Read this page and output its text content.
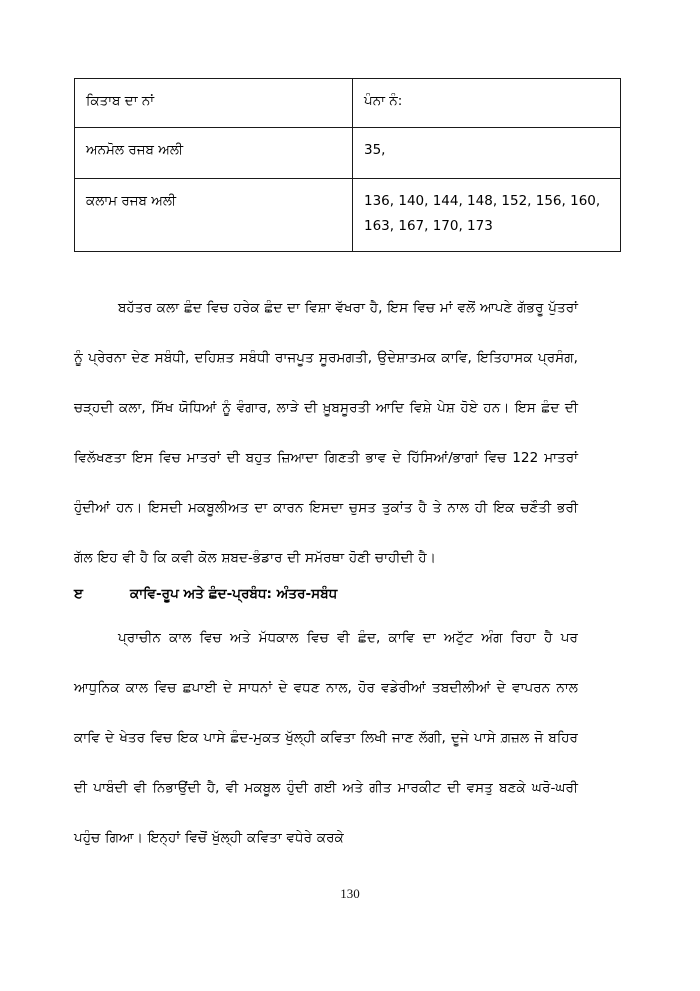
ਕਿਤਾਬ ਦਾ ਨਾਂ	ਪੰਨਾ ਨੰ:
ਅਨਮੋਲ ਰਜਬ ਅਲੀ	35,
ਕਲਾਮ ਰਜਬ ਅਲੀ	136, 140, 144, 148, 152, 156, 160, 163, 167, 170, 173

ਬਹੱਤਰ ਕਲਾ ਛੰਦ ਵਿਚ ਹਰੇਕ ਛੰਦ ਦਾ ਵਿਸ਼ਾ ਵੱਖਰਾ ਹੈ, ਇਸ ਵਿਚ ਮਾਂ ਵਲੋਂ ਆਪਣੇ ਗੱਭਰੂ ਪੁੱਤਰਾਂ ਨੂੰ ਪ੍ਰੇਰਨਾ ਦੇਣ ਸਬੰਧੀ, ਦਹਿਸ਼ਤ ਸਬੰਧੀ ਰਾਜਪੂਤ ਸੂਰਮਗਤੀ, ਉਦੇਸ਼ਾਤਮਕ ਕਾਵਿ, ਇਤਿਹਾਸਕ ਪ੍ਰਸੰਗ, ਚੜ੍ਹਦੀ ਕਲਾ, ਸਿੱਖ ਯੋਧਿਆਂ ਨੂੰ ਵੰਗਾਰ, ਲਾੜੇ ਦੀ ਖ਼ੂਬਸੂਰਤੀ ਆਦਿ ਵਿਸ਼ੇ ਪੇਸ਼ ਹੋਏ ਹਨ। ਇਸ ਛੰਦ ਦੀ ਵਿਲੱਖਣਤਾ ਇਸ ਵਿਚ ਮਾਤਰਾਂ ਦੀ ਬਹੁਤ ਜ਼ਿਆਦਾ ਗਿਣਤੀ ਭਾਵ ਦੇ ਹਿੱਸਿਆਂ/ਭਾਗਾਂ ਵਿਚ 122 ਮਾਤਰਾਂ ਹੁੰਦੀਆਂ ਹਨ। ਇਸਦੀ ਮਕਬੂਲੀਅਤ ਦਾ ਕਾਰਨ ਇਸਦਾ ਚੁਸਤ ਤੁਕਾਂਤ ਹੈ ਤੇ ਨਾਲ ਹੀ ਇਕ ਚਣੌਤੀ ਭਰੀ ਗੱਲ ਇਹ ਵੀ ਹੈ ਕਿ ਕਵੀ ਕੋਲ ਸ਼ਬਦ-ਭੰਡਾਰ ਦੀ ਸਮੱਰਥਾ ਹੋਣੀ ਚਾਹੀਦੀ ਹੈ।

ੲ	ਕਾਵਿ-ਰੂਪ ਅਤੇ ਛੰਦ-ਪ੍ਰਬੰਧ: ਅੰਤਰ-ਸਬੰਧ

ਪ੍ਰਾਚੀਨ ਕਾਲ ਵਿਚ ਅਤੇ ਮੱਧਕਾਲ ਵਿਚ ਵੀ ਛੰਦ, ਕਾਵਿ ਦਾ ਅਟੁੱਟ ਅੰਗ ਰਿਹਾ ਹੈ ਪਰ ਆਧੁਨਿਕ ਕਾਲ ਵਿਚ ਛਪਾਈ ਦੇ ਸਾਧਨਾਂ ਦੇ ਵਧਣ ਨਾਲ, ਹੋਰ ਵਡੇਰੀਆਂ ਤਬਦੀਲੀਆਂ ਦੇ ਵਾਪਰਨ ਨਾਲ ਕਾਵਿ ਦੇ ਖੇਤਰ ਵਿਚ ਇਕ ਪਾਸੇ ਛੰਦ-ਮੁਕਤ ਖੁੱਲ੍ਹੀ ਕਵਿਤਾ ਲਿਖੀ ਜਾਣ ਲੱਗੀ, ਦੂਜੇ ਪਾਸੇ ਗ਼ਜ਼ਲ ਜੋ ਬਹਿਰ ਦੀ ਪਾਬੰਦੀ ਵੀ ਨਿਭਾਉਂਦੀ ਹੈ, ਵੀ ਮਕਬੂਲ ਹੁੰਦੀ ਗਈ ਅਤੇ ਗੀਤ ਮਾਰਕੀਟ ਦੀ ਵਸਤੁ ਬਣਕੇ ਘਰੋ-ਘਰੀ ਪਹੁੰਚ ਗਿਆ। ਇਨ੍ਹਾਂ ਵਿਚੋਂ ਖੁੱਲ੍ਹੀ ਕਵਿਤਾ ਵਧੇਰੇ ਕਰਕੇ

130
